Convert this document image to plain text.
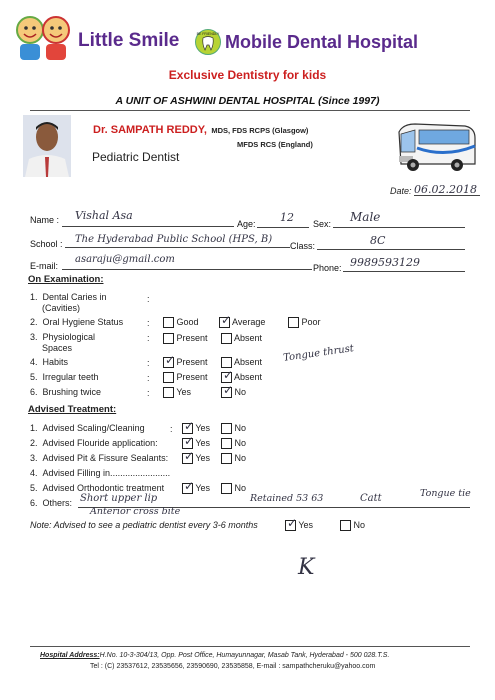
Little Smile	BE FRIENDLY Mobile Dental Hospital
Exclusive Dentistry for kids
A UNIT OF ASHWINI DENTAL HOSPITAL (Since 1997)
Dr. SAMPATH REDDY, MDS, FDS RCPS (Glasgow)
MFDS RCS (England)
Pediatric Dentist
Date: 06.02.2018
Name : Vishal Asa
Age: 12 Sex: Male
School : The Hyderabad Public School (HPS, B)
Class:	8C
E-mail:
asaraju@gmail.com
Phone: 9989593129
On Examination:
1. Dental Caries in
(Cavities)
:
2. Oral Hygiene Status	:	Good ✓ Average	Poor
3. Physiological
Spaces
:	Present	Absent
4. Habits	: ✓ Present	Absent Tongue thrust
5. Irregular teeth	:	Present ✓ Absent
6. Brushing twice	:	Yes	✓ No
Advised Treatment:
1. Advised Scaling/Cleaning	: ✓ Yes	No
2. Advised Flouride application: ✓ Yes	No
3. Advised Pit & Fissure Sealants: ✓ Yes	No
4. Advised Filling in........................
5. Advised Orthodontic treatment ✓ Yes	No
6. Others: Short upper lip	Retained 53 63	Catt	Tongue tie
Anterior cross bite
Note: Advised to see a pediatric dentist every 3-6 months ✓ Yes	No
K
Hospital Address:H.No. 10-3-304/13, Opp. Post Office, Humayunnagar, Masab Tank, Hyderabad - 500 028.T.S.
Tel : (C) 23537612, 23535656, 23590690, 23535858, E-mail : sampathcheruku@yahoo.com
